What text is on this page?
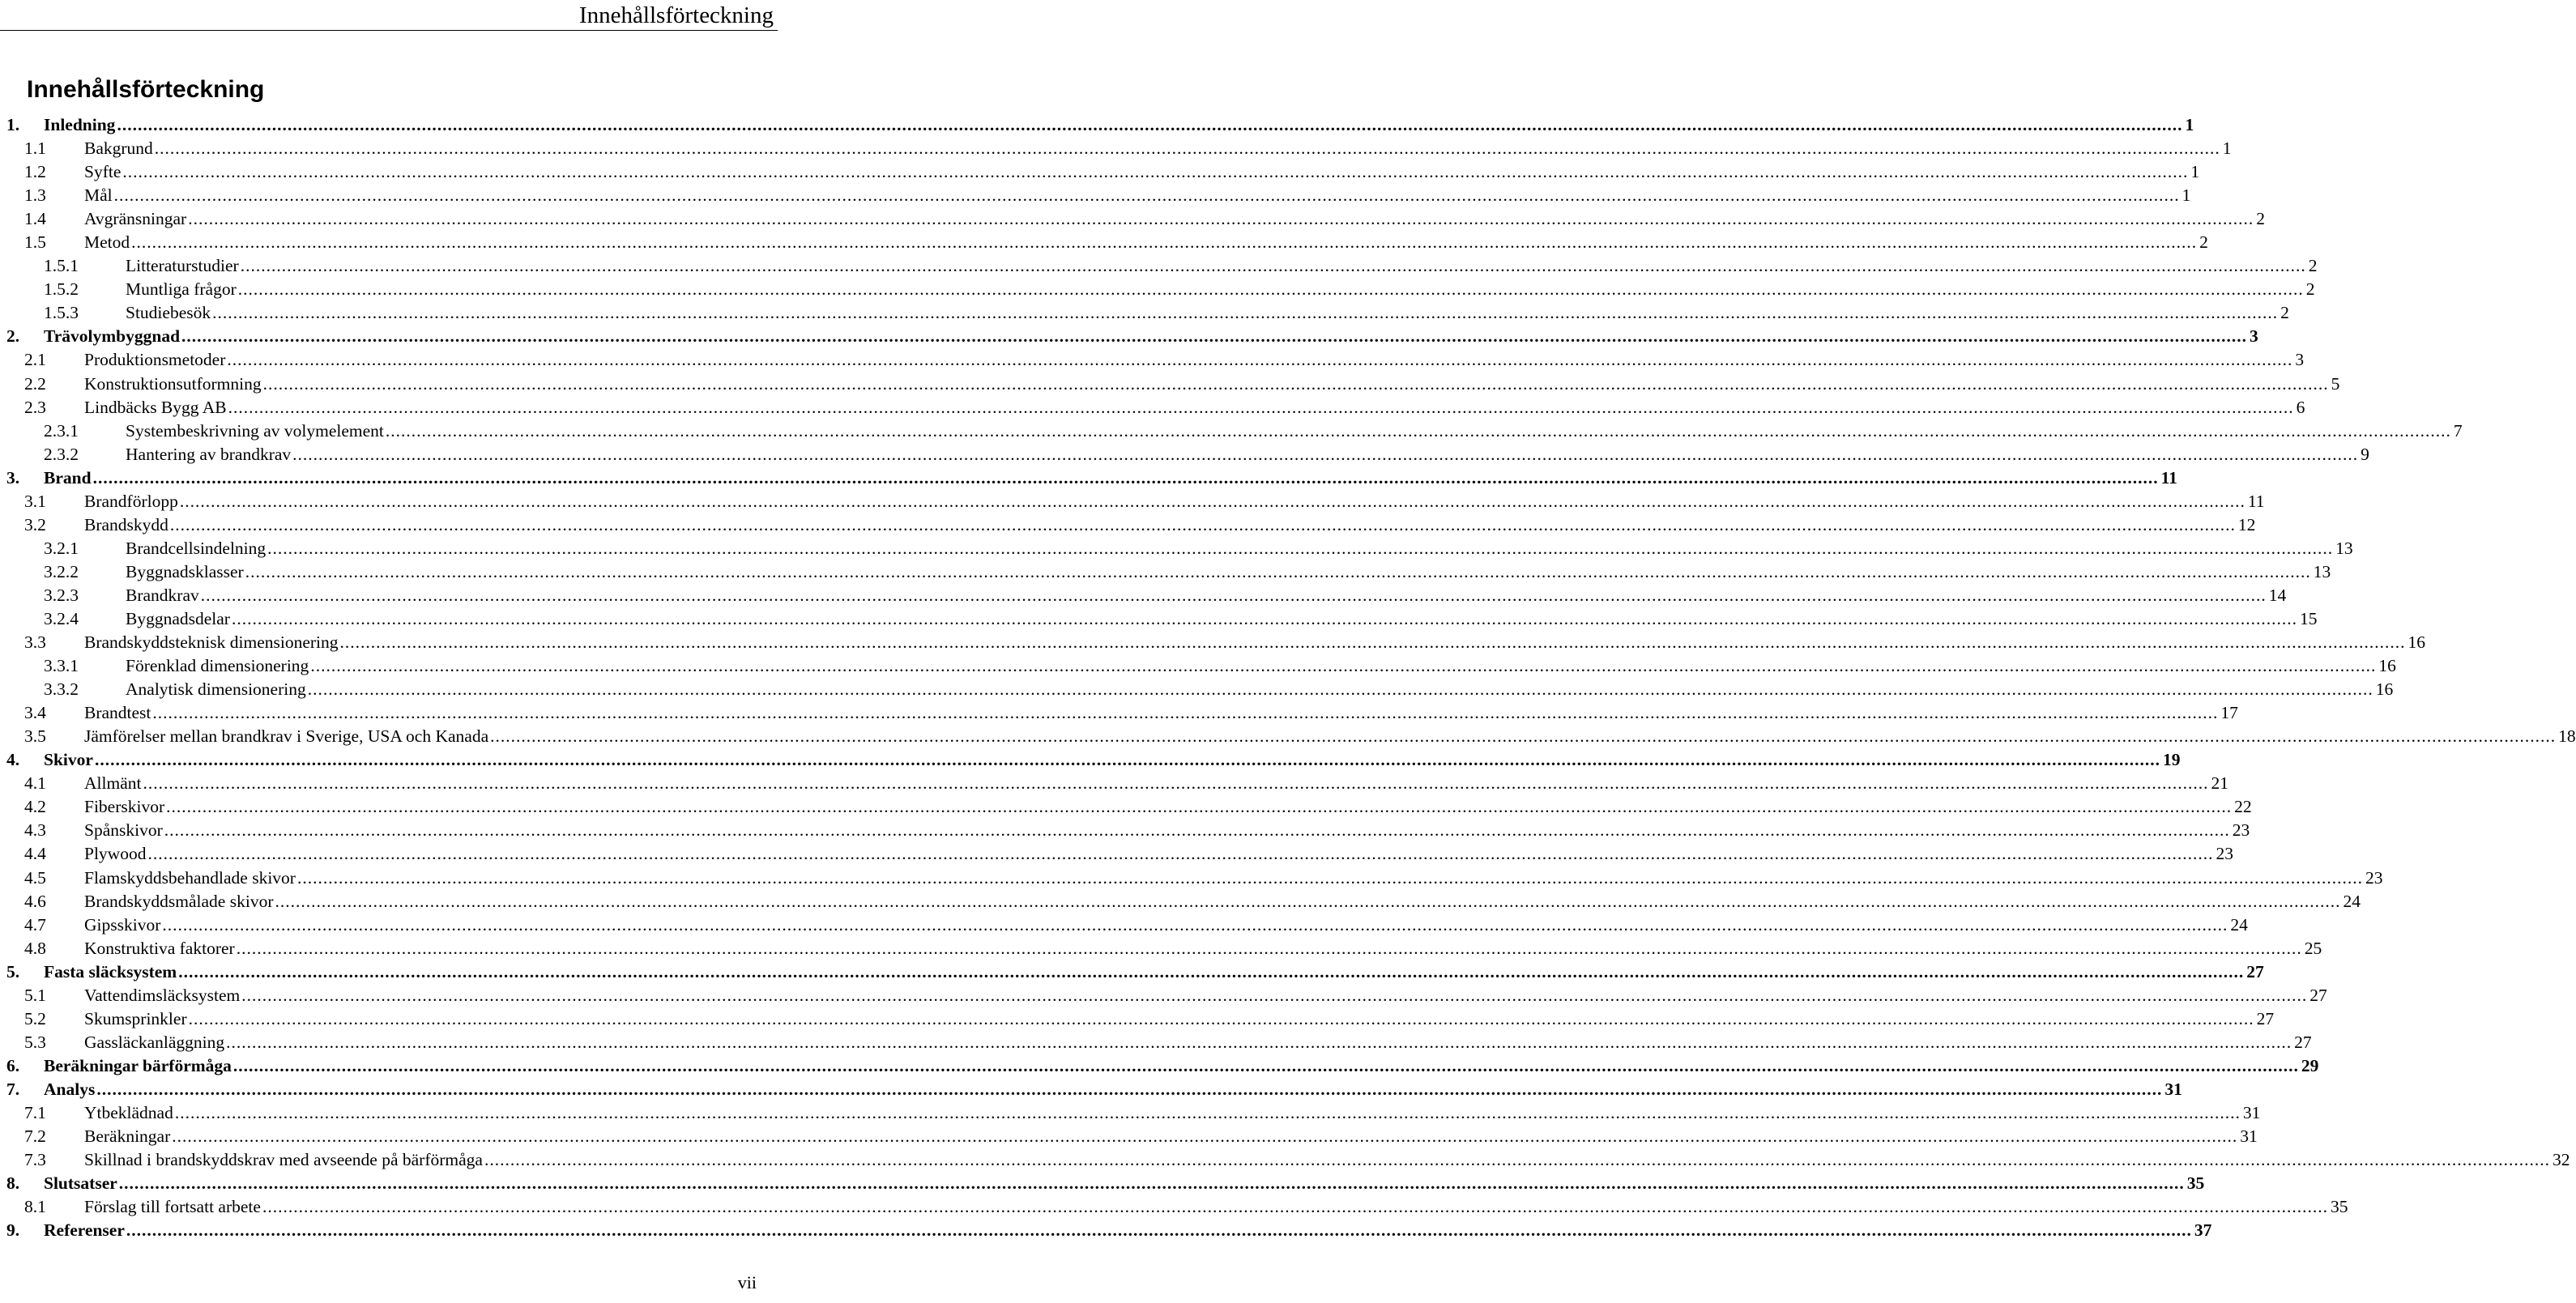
Innehållsförteckning
Innehållsförteckning
1. Inledning ................................................................................................................................................................................................................................................................................................................................................................................................................ 1
1.1 Bakgrund ................................................................................................................................................................................................................................................................................................................................................................................................................ 1
1.2 Syfte ................................................................................................................................................................................................................................................................................................................................................................................................................ 1
1.3 Mål ................................................................................................................................................................................................................................................................................................................................................................................................................ 1
1.4 Avgränsningar ................................................................................................................................................................................................................................................................................................................................................................................................................ 2
1.5 Metod ................................................................................................................................................................................................................................................................................................................................................................................................................ 2
1.5.1	Litteraturstudier ................................................................................................................................................................................................................................................................................................................................................................................................................ 2
1.5.2	Muntliga frågor ................................................................................................................................................................................................................................................................................................................................................................................................................ 2
1.5.3	Studiebesök ................................................................................................................................................................................................................................................................................................................................................................................................................ 2
2. Trävolymbyggnad ................................................................................................................................................................................................................................................................................................................................................................................................................ 3
2.1 Produktionsmetoder ................................................................................................................................................................................................................................................................................................................................................................................................................ 3
2.2 Konstruktionsutformning ................................................................................................................................................................................................................................................................................................................................................................................................................ 5
2.3 Lindbäcks Bygg AB ................................................................................................................................................................................................................................................................................................................................................................................................................ 6
2.3.1	Systembeskrivning av volymelement ................................................................................................................................................................................................................................................................................................................................................................................................................ 7
2.3.2	Hantering av brandkrav ................................................................................................................................................................................................................................................................................................................................................................................................................ 9
3. Brand ................................................................................................................................................................................................................................................................................................................................................................................................................ 11
3.1 Brandförlopp ................................................................................................................................................................................................................................................................................................................................................................................................................ 11
3.2 Brandskydd ................................................................................................................................................................................................................................................................................................................................................................................................................ 12
3.2.1	Brandcellsindelning ................................................................................................................................................................................................................................................................................................................................................................................................................ 13
3.2.2	Byggnadsklasser ................................................................................................................................................................................................................................................................................................................................................................................................................ 13
3.2.3	Brandkrav ................................................................................................................................................................................................................................................................................................................................................................................................................ 14
3.2.4	Byggnadsdelar ................................................................................................................................................................................................................................................................................................................................................................................................................ 15
3.3 Brandskyddsteknisk dimensionering ................................................................................................................................................................................................................................................................................................................................................................................................................ 16
3.3.1	Förenklad dimensionering ................................................................................................................................................................................................................................................................................................................................................................................................................ 16
3.3.2	Analytisk dimensionering ................................................................................................................................................................................................................................................................................................................................................................................................................ 16
3.4 Brandtest ................................................................................................................................................................................................................................................................................................................................................................................................................ 17
3.5 Jämförelser mellan brandkrav i Sverige, USA och Kanada ................................................................................................................................................................................................................................................................................................................................................................................................................ 18
4. Skivor ................................................................................................................................................................................................................................................................................................................................................................................................................ 19
4.1 Allmänt ................................................................................................................................................................................................................................................................................................................................................................................................................ 21
4.2 Fiberskivor ................................................................................................................................................................................................................................................................................................................................................................................................................ 22
4.3 Spånskivor ................................................................................................................................................................................................................................................................................................................................................................................................................ 23
4.4 Plywood ................................................................................................................................................................................................................................................................................................................................................................................................................ 23
4.5 Flamskyddsbehandlade skivor ................................................................................................................................................................................................................................................................................................................................................................................................................ 23
4.6 Brandskyddsmålade skivor ................................................................................................................................................................................................................................................................................................................................................................................................................ 24
4.7 Gipsskivor ................................................................................................................................................................................................................................................................................................................................................................................................................ 24
4.8 Konstruktiva faktorer ................................................................................................................................................................................................................................................................................................................................................................................................................ 25
5. Fasta släcksystem ................................................................................................................................................................................................................................................................................................................................................................................................................ 27
5.1 Vattendimsläcksystem ................................................................................................................................................................................................................................................................................................................................................................................................................ 27
5.2 Skumsprinkler ................................................................................................................................................................................................................................................................................................................................................................................................................ 27
5.3 Gassläckanläggning ................................................................................................................................................................................................................................................................................................................................................................................................................ 27
6. Beräkningar bärförmåga ................................................................................................................................................................................................................................................................................................................................................................................................................ 29
7. Analys ................................................................................................................................................................................................................................................................................................................................................................................................................ 31
7.1 Ytbeklädnad ................................................................................................................................................................................................................................................................................................................................................................................................................ 31
7.2 Beräkningar ................................................................................................................................................................................................................................................................................................................................................................................................................ 31
7.3 Skillnad i brandskyddskrav med avseende på bärförmåga ................................................................................................................................................................................................................................................................................................................................................................................................................ 32
8. Slutsatser ................................................................................................................................................................................................................................................................................................................................................................................................................ 35
8.1 Förslag till fortsatt arbete ................................................................................................................................................................................................................................................................................................................................................................................................................ 35
9. Referenser ................................................................................................................................................................................................................................................................................................................................................................................................................ 37
vii
